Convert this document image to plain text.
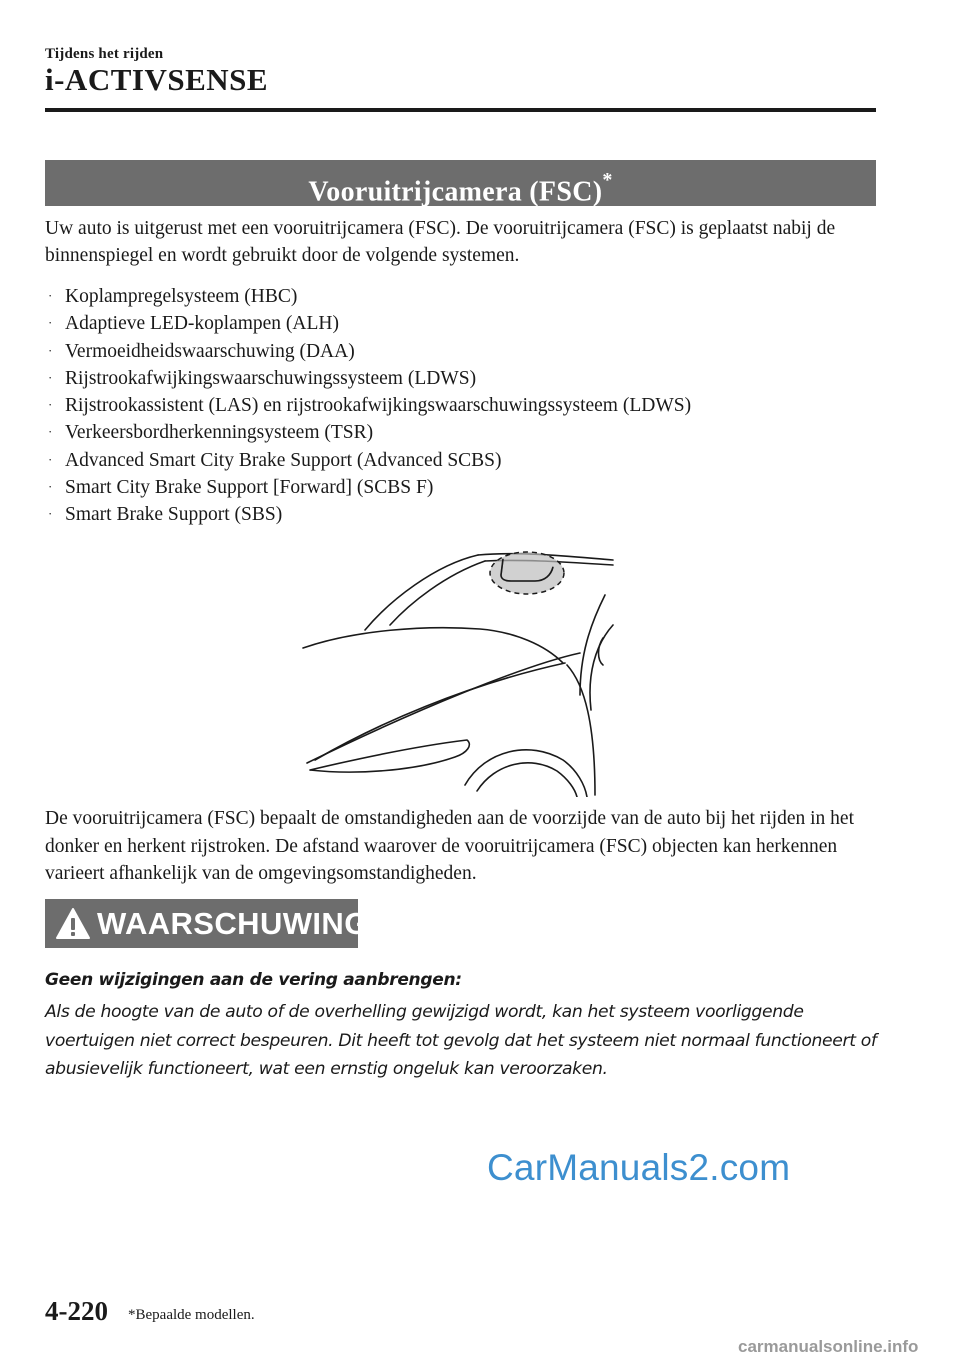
Tijdens het rijden
i-ACTIVSENSE
Vooruitrijcamera (FSC)*

Uw auto is uitgerust met een vooruitrijcamera (FSC). De vooruitrijcamera (FSC) is geplaatst nabij de binnenspiegel en wordt gebruikt door de volgende systemen.

· Koplampregelsysteem (HBC)
· Adaptieve LED-koplampen (ALH)
· Vermoeidheidswaarschuwing (DAA)
· Rijstrookafwijkingswaarschuwingssysteem (LDWS)
· Rijstrookassistent (LAS) en rijstrookafwijkingswaarschuwingssysteem (LDWS)
· Verkeersbordherkenningsysteem (TSR)
· Advanced Smart City Brake Support (Advanced SCBS)
· Smart City Brake Support [Forward] (SCBS F)
· Smart Brake Support (SBS)

De vooruitrijcamera (FSC) bepaalt de omstandigheden aan de voorzijde van de auto bij het rijden in het donker en herkent rijstroken. De afstand waarover de vooruitrijcamera (FSC) objecten kan herkennen varieert afhankelijk van de omgevingsomstandigheden.

WAARSCHUWING

Geen wijzigingen aan de vering aanbrengen:

Als de hoogte van de auto of de overhelling gewijzigd wordt, kan het systeem voorliggende voertuigen niet correct bespeuren. Dit heeft tot gevolg dat het systeem niet normaal functioneert of abusievelijk functioneert, wat een ernstig ongeluk kan veroorzaken.

CarManuals2.com
4-220 *Bepaalde modellen.
carmanualsonline.info
